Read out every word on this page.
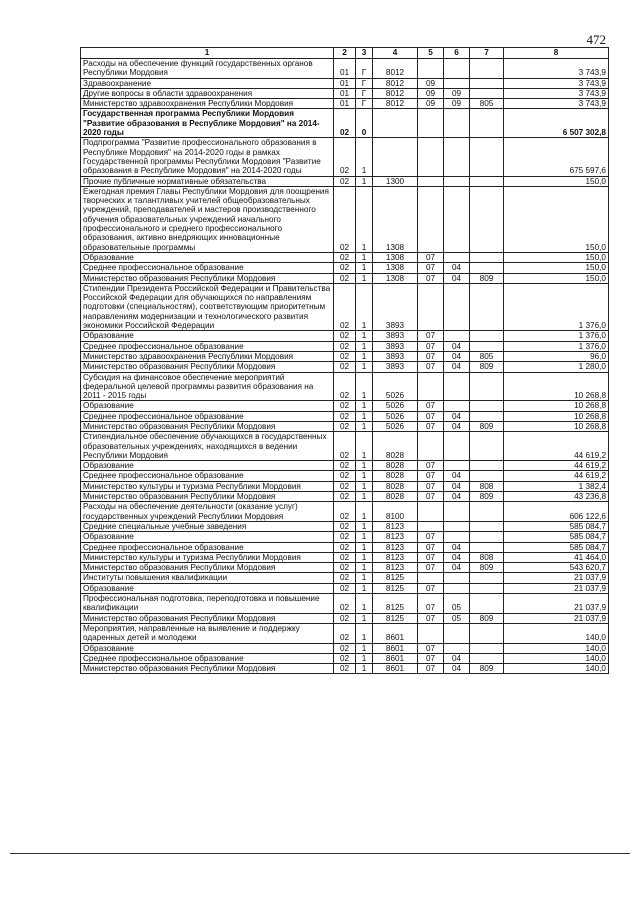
472
1	2	3	4	5	6	7	8
Расходы на обеспечение функций государственных органов Республики Мордовия	01	Г	8012				3 743,9
Здравоохранение	01	Г	8012	09			3 743,9
Другие вопросы в области здравоохранения	01	Г	8012	09	09		3 743,9
Министерство здравоохранения Республики Мордовия	01	Г	8012	09	09	805	3 743,9
Государственная программа Республики Мордовия "Развитие образования в Республике Мордовия" на 2014-2020 годы	02	0					6 507 302,8
Подпрограмма "Развитие профессионального образования в Республике Мордовия" на 2014-2020 годы в рамках Государственной программы Республики Мордовия "Развитие образования в Республике Мордовия" на 2014-2020 годы	02	1					675 597,6
Прочие публичные нормативные обязательства	02	1	1300				150,0
Ежегодная премия Главы Республики Мордовия для поощрения творческих и талантливых учителей общеобразовательных учреждений, преподавателей и мастеров производственного обучения образовательных учреждений начального профессионального и среднего профессионального образования, активно внедряющих инновационные образовательные программы	02	1	1308				150,0
Образование	02	1	1308	07			150,0
Среднее профессиональное образование	02	1	1308	07	04		150,0
Министерство образования Республики Мордовия	02	1	1308	07	04	809	150,0
Стипендии Президента Российской Федерации и Правительства Российской Федерации для обучающихся по направлениям подготовки (специальностям), соответствующим приоритетным направлениям модернизации и технологического развития экономики Российской Федерации	02	1	3893				1 376,0
Образование	02	1	3893	07			1 376,0
Среднее профессиональное образование	02	1	3893	07	04		1 376,0
Министерство здравоохранения Республики Мордовия	02	1	3893	07	04	805	96,0
Министерство образования Республики Мордовия	02	1	3893	07	04	809	1 280,0
Субсидия на финансовое обеспечение мероприятий федеральной целевой программы развития образования на 2011 - 2015 годы	02	1	5026				10 268,8
Образование	02	1	5026	07			10 268,8
Среднее профессиональное образование	02	1	5026	07	04		10 268,8
Министерство образования Республики Мордовия	02	1	5026	07	04	809	10 268,8
Стипендиальное обеспечение обучающихся в государственных образовательных учреждениях, находящихся в ведении Республики Мордовия	02	1	8028				44 619,2
Образование	02	1	8028	07			44 619,2
Среднее профессиональное образование	02	1	8028	07	04		44 619,2
Министерство культуры и туризма Республики Мордовия	02	1	8028	07	04	808	1 382,4
Министерство образования Республики Мордовия	02	1	8028	07	04	809	43 236,8
Расходы на обеспечение деятельности (оказание услуг) государственных учреждений Республики Мордовия	02	1	8100				606 122,6
Средние специальные учебные заведения	02	1	8123				585 084,7
Образование	02	1	8123	07			585 084,7
Среднее профессиональное образование	02	1	8123	07	04		585 084,7
Министерство культуры и туризма Республики Мордовия	02	1	8123	07	04	808	41 464,0
Министерство образования Республики Мордовия	02	1	8123	07	04	809	543 620,7
Институты повышения квалификации	02	1	8125				21 037,9
Образование	02	1	8125	07			21 037,9
Профессиональная подготовка, переподготовка и повышение квалификации	02	1	8125	07	05		21 037,9
Министерство образования Республики Мордовия	02	1	8125	07	05	809	21 037,9
Мероприятия, направленные на выявление и поддержку одаренных детей и молодежи	02	1	8601				140,0
Образование	02	1	8601	07			140,0
Среднее профессиональное образование	02	1	8601	07	04		140,0
Министерство образования Республики Мордовия	02	1	8601	07	04	809	140,0
